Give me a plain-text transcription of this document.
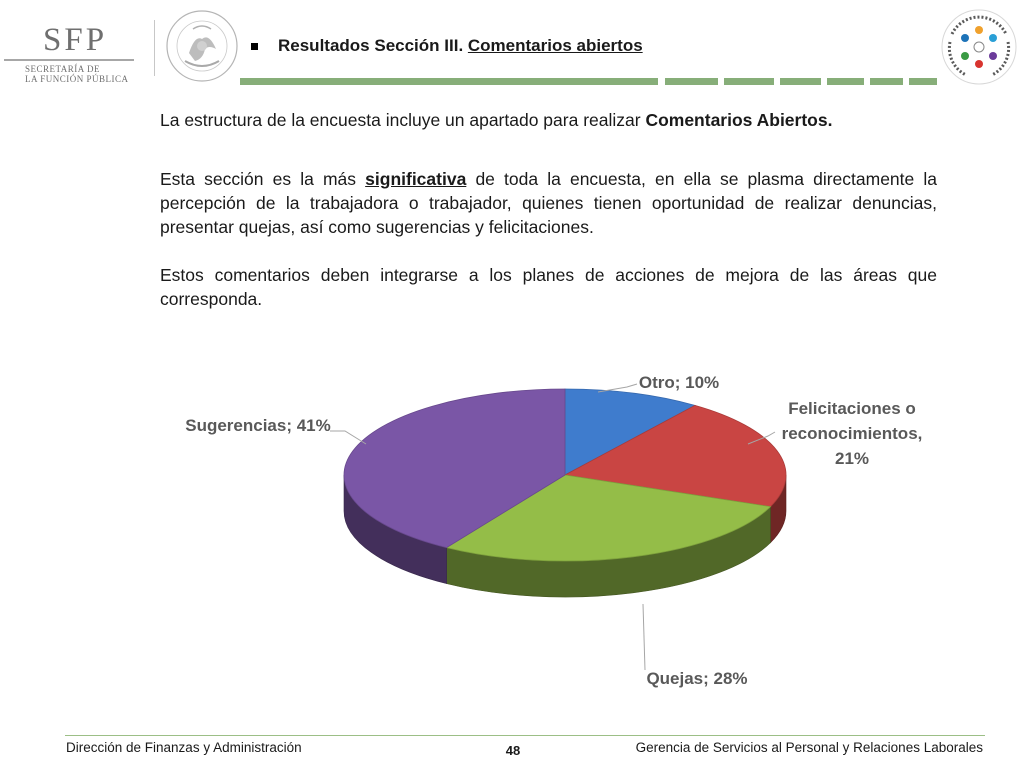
SFP
SECRETARÍA DE
LA FUNCIÓN PÚBLICA
Resultados Sección III. Comentarios abiertos
La estructura de la encuesta incluye un apartado para realizar Comentarios Abiertos.
Esta sección es la más significativa de toda la encuesta, en ella se plasma directamente la percepción de la trabajadora o trabajador, quienes tienen oportunidad de realizar denuncias, presentar quejas, así como sugerencias y felicitaciones.
Estos comentarios deben integrarse a los planes de acciones de mejora de las áreas que corresponda.
Otro; 10%
Felicitaciones o reconocimientos, 21%
Quejas; 28%
Sugerencias; 41%
Dirección de Finanzas y Administración	48	Gerencia de Servicios al Personal y Relaciones Laborales
